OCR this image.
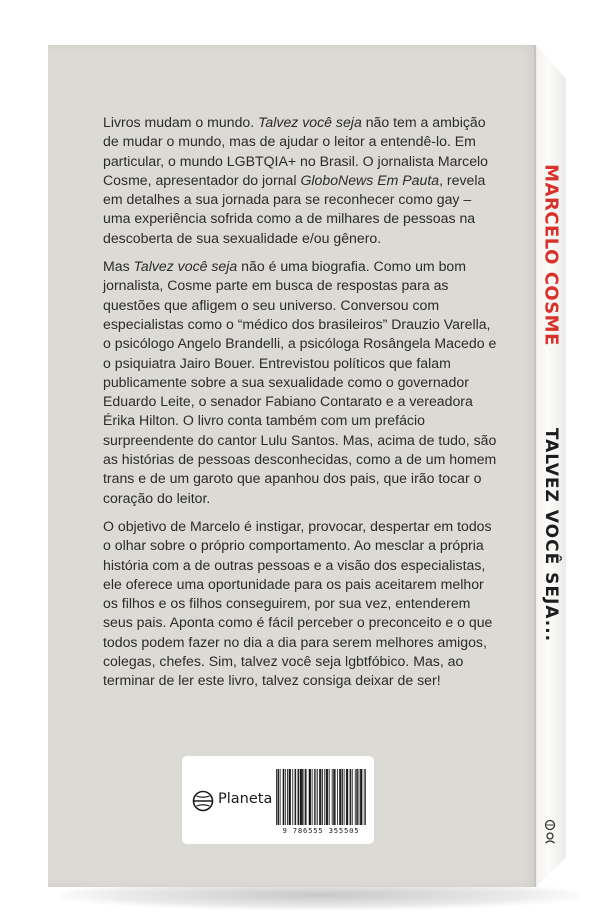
MARCELO COSME
TALVEZ VOCÊ SEJA...

Livros mudam o mundo. Talvez você seja não tem a ambição de mudar o mundo, mas de ajudar o leitor a entendê-lo. Em particular, o mundo LGBTQIA+ no Brasil. O jornalista Marcelo Cosme, apresentador do jornal GloboNews Em Pauta, revela em detalhes a sua jornada para se reconhecer como gay – uma experiência sofrida como a de milhares de pessoas na descoberta de sua sexualidade e/ou gênero.

Mas Talvez você seja não é uma biografia. Como um bom jornalista, Cosme parte em busca de respostas para as questões que afligem o seu universo. Conversou com especialistas como o “médico dos brasileiros” Drauzio Varella, o psicólogo Angelo Brandelli, a psicóloga Rosângela Macedo e o psiquiatra Jairo Bouer. Entrevistou políticos que falam publicamente sobre a sua sexualidade como o governador Eduardo Leite, o senador Fabiano Contarato e a vereadora Érika Hilton. O livro conta também com um prefácio surpreendente do cantor Lulu Santos. Mas, acima de tudo, são as histórias de pessoas desconhecidas, como a de um homem trans e de um garoto que apanhou dos pais, que irão tocar o coração do leitor.

O objetivo de Marcelo é instigar, provocar, despertar em todos o olhar sobre o próprio comportamento. Ao mesclar a própria história com a de outras pessoas e a visão dos especialistas, ele oferece uma oportunidade para os pais aceitarem melhor os filhos e os filhos conseguirem, por sua vez, entenderem seus pais. Aponta como é fácil perceber o preconceito e o que todos podem fazer no dia a dia para serem melhores amigos, colegas, chefes. Sim, talvez você seja lgbtfóbico. Mas, ao terminar de ler este livro, talvez consiga deixar de ser!

Planeta
9 786555 355505
